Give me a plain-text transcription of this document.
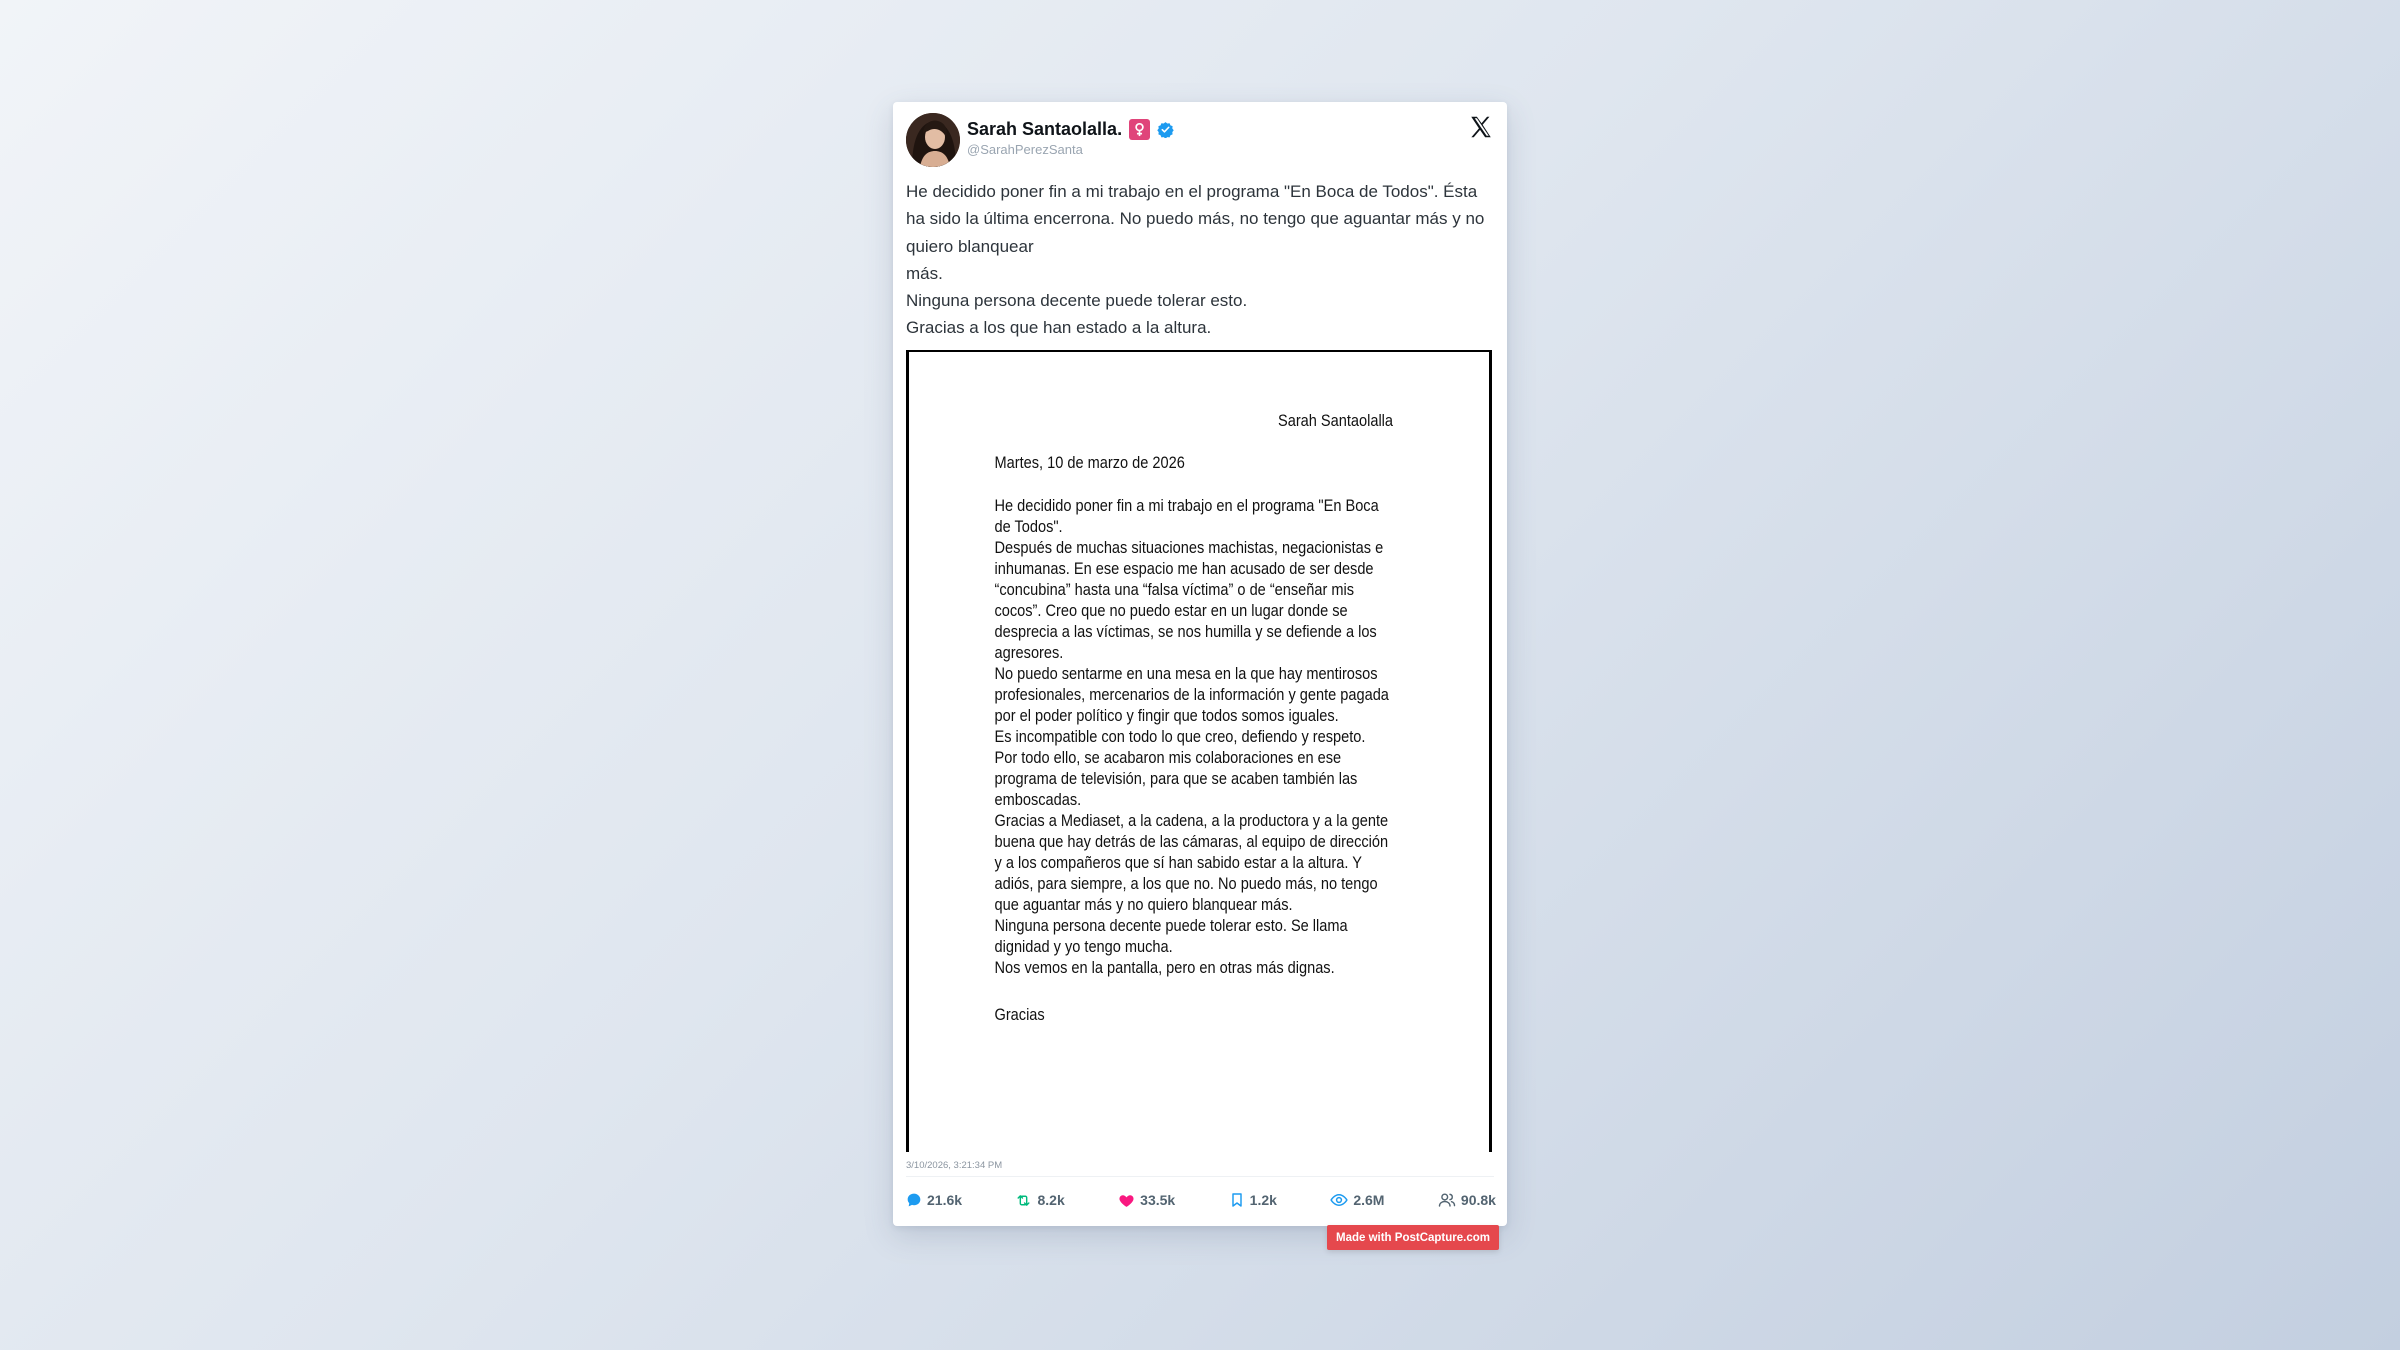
Sarah Santaolalla.
@SarahPerezSanta
He decidido poner fin a mi trabajo en el programa "En Boca de Todos". Ésta
ha sido la última encerrona. No puedo más, no tengo que aguantar más y no
quiero blanquear
más.
Ninguna persona decente puede tolerar esto.
Gracias a los que han estado a la altura.
Sarah Santaolalla
Martes, 10 de marzo de 2026
He decidido poner fin a mi trabajo en el programa "En Boca
de Todos".
Después de muchas situaciones machistas, negacionistas e
inhumanas. En ese espacio me han acusado de ser desde
“concubina” hasta una “falsa víctima” o de “enseñar mis
cocos”. Creo que no puedo estar en un lugar donde se
desprecia a las víctimas, se nos humilla y se defiende a los
agresores.
No puedo sentarme en una mesa en la que hay mentirosos
profesionales, mercenarios de la información y gente pagada
por el poder político y fingir que todos somos iguales.
Es incompatible con todo lo que creo, defiendo y respeto.
Por todo ello, se acabaron mis colaboraciones en ese
programa de televisión, para que se acaben también las
emboscadas.
Gracias a Mediaset, a la cadena, a la productora y a la gente
buena que hay detrás de las cámaras, al equipo de dirección
y a los compañeros que sí han sabido estar a la altura. Y
adiós, para siempre, a los que no. No puedo más, no tengo
que aguantar más y no quiero blanquear más.
Ninguna persona decente puede tolerar esto. Se llama
dignidad y yo tengo mucha.
Nos vemos en la pantalla, pero en otras más dignas.
Gracias
3/10/2026, 3:21:34 PM
21.6k	8.2k	33.5k	1.2k	2.6M	90.8k
Made with PostCapture.com
